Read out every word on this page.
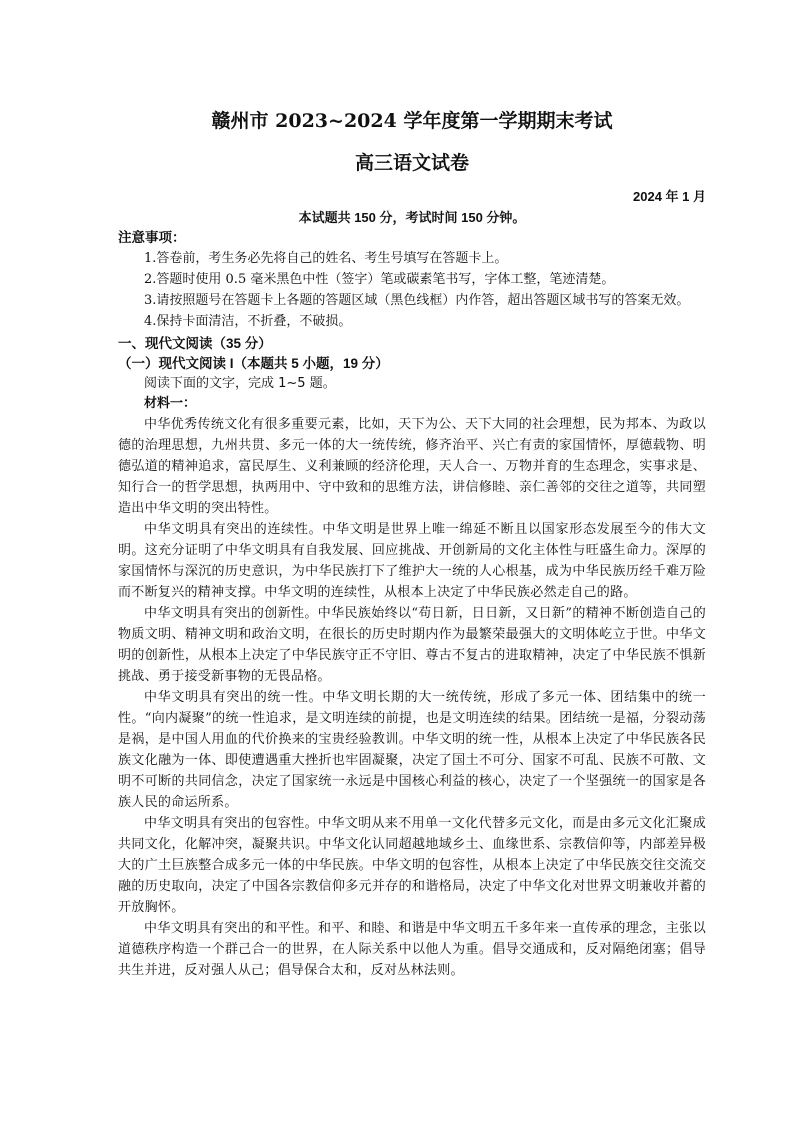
赣州市 2023~2024 学年度第一学期期末考试
高三语文试卷
2024 年 1 月
本试题共 150 分，考试时间 150 分钟。
注意事项：

1.答卷前，考生务必先将自己的姓名、考生号填写在答题卡上。

2.答题时使用 0.5 毫米黑色中性（签字）笔或碳素笔书写，字体工整，笔迹清楚。

3.请按照题号在答题卡上各题的答题区域（黑色线框）内作答，超出答题区域书写的答案无效。

4.保持卡面清洁，不折叠，不破损。

一、现代文阅读（35 分）
（一）现代文阅读 I（本题共 5 小题，19 分）

阅读下面的文字，完成 1~5 题。

材料一：

中华优秀传统文化有很多重要元素，比如，天下为公、天下大同的社会理想，民为邦本、为政以德的治理思想，九州共贯、多元一体的大一统传统，修齐治平、兴亡有责的家国情怀，厚德载物、明德弘道的精神追求，富民厚生、义利兼顾的经济伦理，天人合一、万物并育的生态理念，实事求是、知行合一的哲学思想，执两用中、守中致和的思维方法，讲信修睦、亲仁善邻的交往之道等，共同塑造出中华文明的突出特性。

中华文明具有突出的连续性。中华文明是世界上唯一绵延不断且以国家形态发展至今的伟大文明。这充分证明了中华文明具有自我发展、回应挑战、开创新局的文化主体性与旺盛生命力。深厚的家国情怀与深沉的历史意识，为中华民族打下了维护大一统的人心根基，成为中华民族历经千难万险而不断复兴的精神支撑。中华文明的连续性，从根本上决定了中华民族必然走自己的路。

中华文明具有突出的创新性。中华民族始终以“苟日新，日日新，又日新”的精神不断创造自己的物质文明、精神文明和政治文明，在很长的历史时期内作为最繁荣最强大的文明体屹立于世。中华文明的创新性，从根本上决定了中华民族守正不守旧、尊古不复古的进取精神，决定了中华民族不惧新挑战、勇于接受新事物的无畏品格。

中华文明具有突出的统一性。中华文明长期的大一统传统，形成了多元一体、团结集中的统一性。“向内凝聚”的统一性追求，是文明连续的前提，也是文明连续的结果。团结统一是福，分裂动荡是祸，是中国人用血的代价换来的宝贵经验教训。中华文明的统一性，从根本上决定了中华民族各民族文化融为一体、即使遭遇重大挫折也牢固凝聚，决定了国土不可分、国家不可乱、民族不可散、文明不可断的共同信念，决定了国家统一永远是中国核心利益的核心，决定了一个坚强统一的国家是各族人民的命运所系。

中华文明具有突出的包容性。中华文明从来不用单一文化代替多元文化，而是由多元文化汇聚成共同文化，化解冲突，凝聚共识。中华文化认同超越地域乡土、血缘世系、宗教信仰等，内部差异极大的广土巨族整合成多元一体的中华民族。中华文明的包容性，从根本上决定了中华民族交往交流交融的历史取向，决定了中国各宗教信仰多元并存的和谐格局，决定了中华文化对世界文明兼收并蓄的开放胸怀。

中华文明具有突出的和平性。和平、和睦、和谐是中华文明五千多年来一直传承的理念，主张以道德秩序构造一个群己合一的世界，在人际关系中以他人为重。倡导交通成和，反对隔绝闭塞；倡导共生并进，反对强人从己；倡导保合太和，反对丛林法则。
